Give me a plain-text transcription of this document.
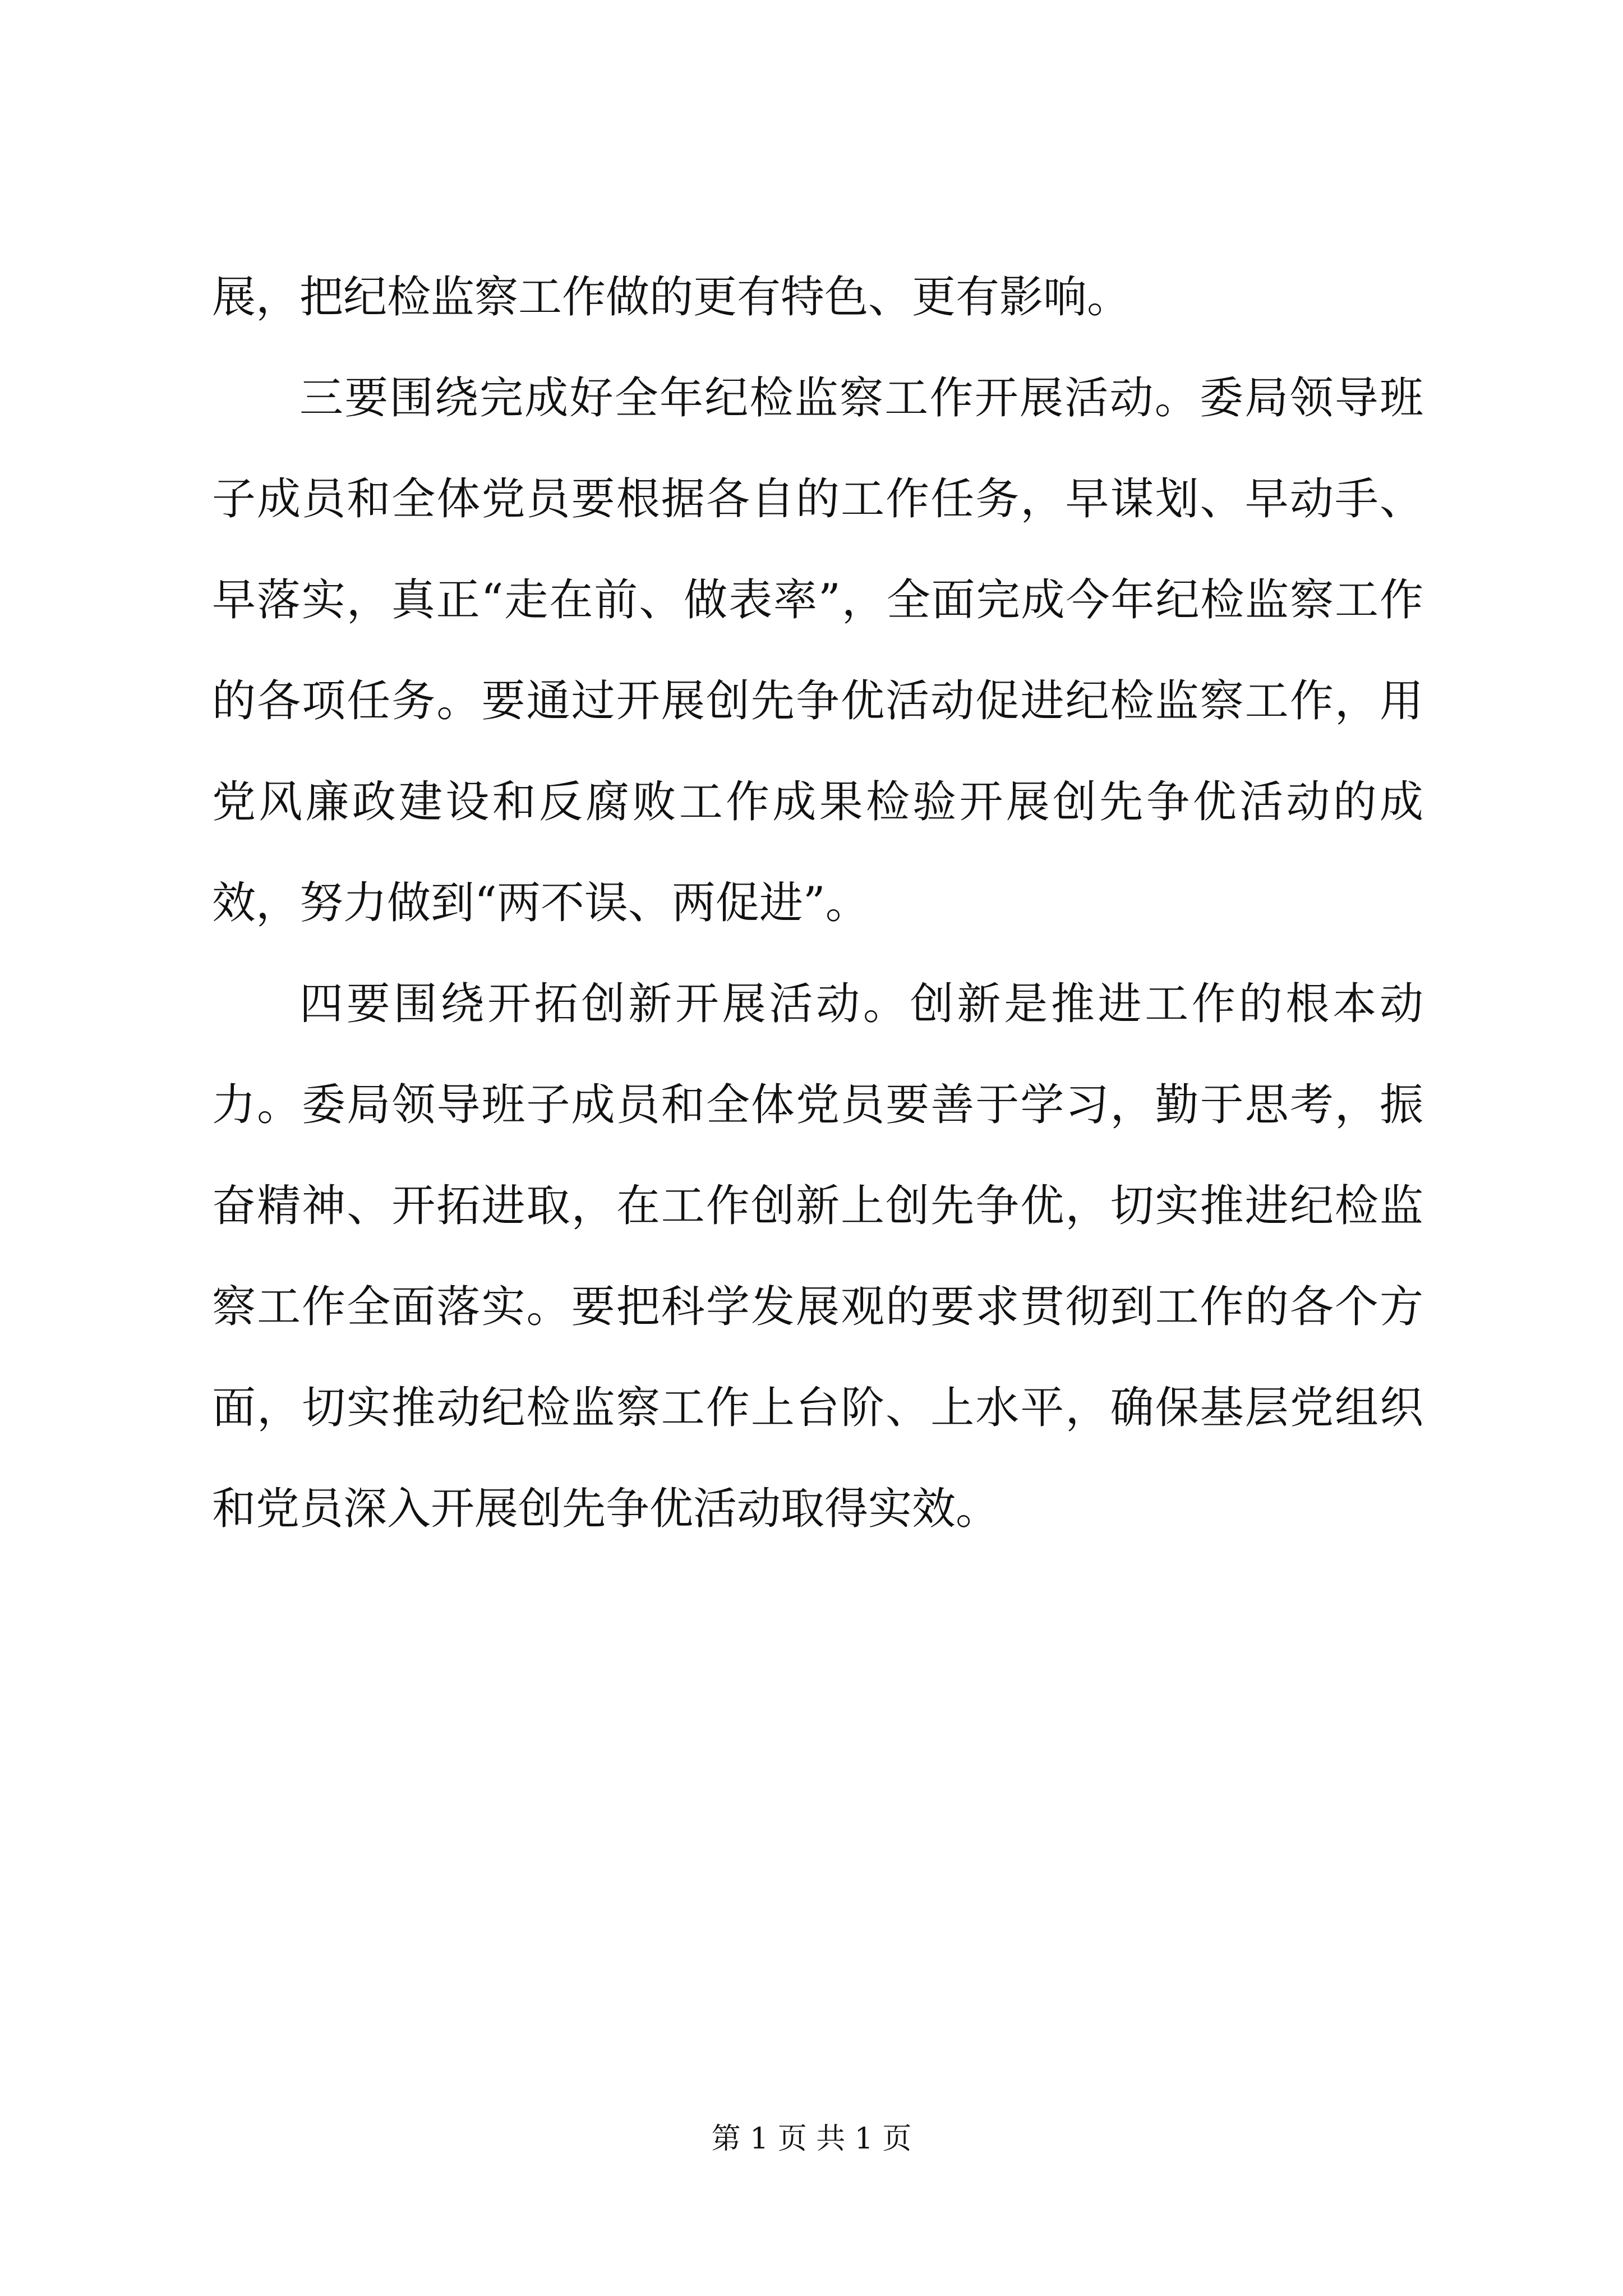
展，把纪检监察工作做的更有特色、更有影响。

三要围绕完成好全年纪检监察工作开展活动。委局领导班子成员和全体党员要根据各自的工作任务，早谋划、早动手、早落实，真正“走在前、做表率”，全面完成今年纪检监察工作的各项任务。要通过开展创先争优活动促进纪检监察工作，用党风廉政建设和反腐败工作成果检验开展创先争优活动的成效，努力做到“两不误、两促进”。

四要围绕开拓创新开展活动。创新是推进工作的根本动力。委局领导班子成员和全体党员要善于学习，勤于思考，振奋精神、开拓进取，在工作创新上创先争优，切实推进纪检监察工作全面落实。要把科学发展观的要求贯彻到工作的各个方面，切实推动纪检监察工作上台阶、上水平，确保基层党组织和党员深入开展创先争优活动取得实效。

第 1 页 共 1 页
